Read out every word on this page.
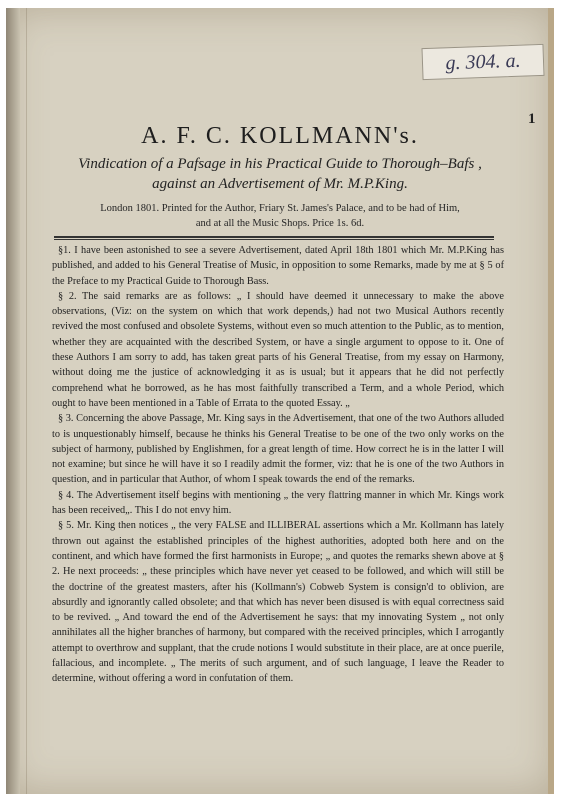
g. 304. a.
1
A. F. C. KOLLMANN's.
Vindication of a Pafsage in his Practical Guide to Thorough–Bafs ,
against an Advertisement of Mr. M.P.King.
London 1801. Printed for the Author, Friary St. James's Palace, and to be had of Him,
and at all the Music Shops. Price 1s. 6d.

§1. I have been astonished to see a severe Advertisement, dated April 18th 1801 which Mr. M.P.King has published, and added to his General Treatise of Music, in opposition to some Remarks, made by me at § 5 of the Preface to my Practical Guide to Thorough Bass.

§ 2. The said remarks are as follows: „ I should have deemed it unnecessary to make the above observations, (Viz: on the system on which that work depends,) had not two Musical Authors recently revived the most confused and obsolete Systems, without even so much attention to the Public, as to mention, whether they are acquainted with the described System, or have a single argument to oppose to it. One of these Authors I am sorry to add, has taken great parts of his General Treatise, from my essay on Harmony, without doing me the justice of acknowledging it as is usual; but it appears that he did not perfectly comprehend what he borrowed, as he has most faithfully transcribed a Term, and a whole Period, which ought to have been mentioned in a Table of Errata to the quoted Essay. „

§ 3. Concerning the above Passage, Mr. King says in the Advertisement, that one of the two Authors alluded to is unquestionably himself, because he thinks his General Treatise to be one of the two only works on the subject of harmony, published by Englishmen, for a great length of time. How correct he is in the latter I will not examine; but since he will have it so I readily admit the former, viz: that he is one of the two Authors in question, and in particular that Author, of whom I speak towards the end of the remarks.

§ 4. The Advertisement itself begins with mentioning „ the very flattring manner in which Mr. Kings work has been received„. This I do not envy him.

§ 5. Mr. King then notices „ the very FALSE and ILLIBERAL assertions which a Mr. Kollmann has lately thrown out against the established principles of the highest authorities, adopted both here and on the continent, and which have formed the first harmonists in Europe; „ and quotes the remarks shewn above at § 2. He next proceeds: „ these principles which have never yet ceased to be followed, and which will still be the doctrine of the greatest masters, after his (Kollmann's) Cobweb System is consign'd to oblivion, are absurdly and ignorantly called obsolete; and that which has never been disused is with equal correctness said to be revived. „ And toward the end of the Advertisement he says: that my innovating System „ not only annihilates all the higher branches of harmony, but compared with the received principles, which I arrogantly attempt to overthrow and supplant, that the crude notions I would substitute in their place, are at once puerile, fallacious, and incomplete. „ The merits of such argument, and of such language, I leave the Reader to determine, without offering a word in confutation of them.
